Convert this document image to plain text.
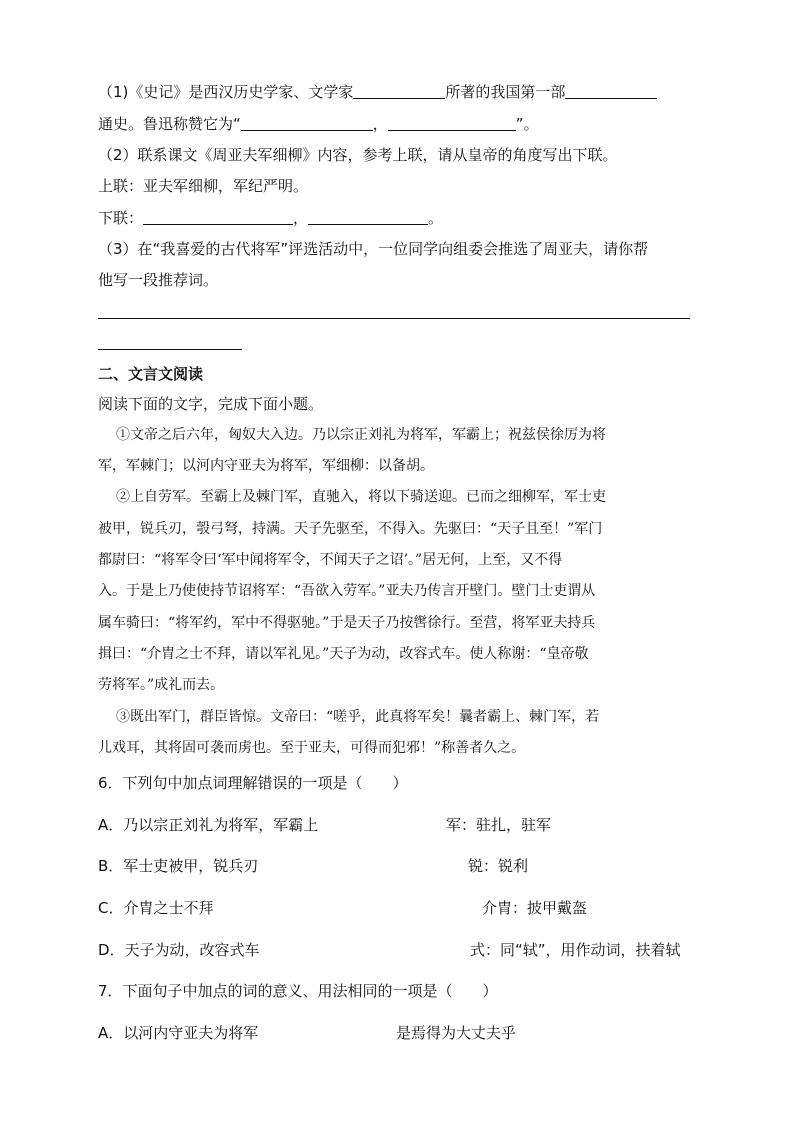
（1)《史记》是西汉历史学家、文学家	所著的我国第一部
通史。鲁迅称赞它为“	，	”。
（2）联系课文《周亚夫军细柳》内容，参考上联，请从皇帝的角度写出下联。
上联：亚夫军细柳，军纪严明。
下联：	，	。
（3）在“我喜爱的古代将军”评选活动中，一位同学向组委会推选了周亚夫，请你帮
他写一段推荐词。
二、文言文阅读
阅读下面的文字，完成下面小题。
①文帝之后六年，匈奴大入边。乃以宗正刘礼为将军，军霸上；祝兹侯徐厉为将
军，军棘门；以河内守亚夫为将军，军细柳：以备胡。
②上自劳军。至霸上及棘门军，直驰入，将以下骑送迎。已而之细柳军，军士吏
被甲，锐兵刃，彀弓弩，持满。天子先驱至，不得入。先驱曰：“天子且至！”军门
都尉曰：“将军令曰‘军中闻将军令，不闻天子之诏’。”居无何，上至，又不得
入。于是上乃使使持节诏将军：“吾欲入劳军。”亚夫乃传言开壁门。壁门士吏谓从
属车骑曰：“将军约，军中不得驱驰。”于是天子乃按辔徐行。至营，将军亚夫持兵
揖曰：“介胄之士不拜，请以军礼见。”天子为动，改容式车。使人称谢：“皇帝敬
劳将军。”成礼而去。
③既出军门，群臣皆惊。文帝曰：“嗟乎，此真将军矣！曩者霸上、棘门军，若
儿戏耳，其将固可袭而虏也。至于亚夫，可得而犯邪！”称善者久之。
6．下列句中加点词理解错误的一项是（　　）
A．乃以宗正刘礼为将军，军霸上	军：驻扎，驻军
B．军士吏被甲，锐兵刃	锐：锐利
C．介胄之士不拜	介胄：披甲戴盔
D．天子为动，改容式车	式：同“轼”，用作动词，扶着轼
7．下面句子中加点的词的意义、用法相同的一项是（　　）
A．以河内守亚夫为将军	是焉得为大丈夫乎
